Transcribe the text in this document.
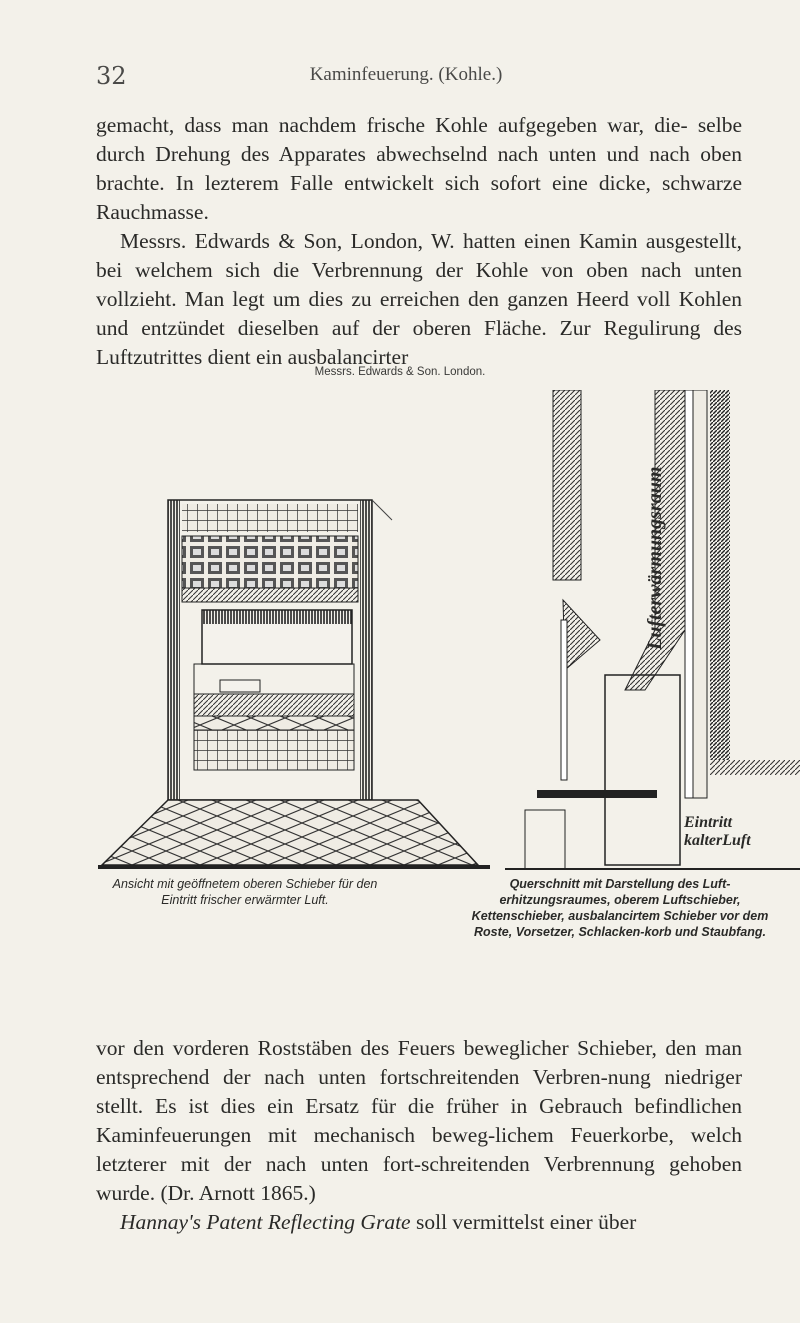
32	Kaminfeuerung. (Kohle.)
gemacht, dass man nachdem frische Kohle aufgegeben war, die- selbe durch Drehung des Apparates abwechselnd nach unten und nach oben brachte. In lezterem Falle entwickelt sich sofort eine dicke, schwarze Rauchmasse.
Messrs. Edwards & Son, London, W. hatten einen Kamin ausgestellt, bei welchem sich die Verbrennung der Kohle von oben nach unten vollzieht. Man legt um dies zu erreichen den ganzen Heerd voll Kohlen und entzündet dieselben auf der oberen Fläche. Zur Regulirung des Luftzutrittes dient ein ausbalancirter
Messrs. Edwards & Son. London.
Lufterwärmungsraum
Eintritt
kalterLuft
Ansicht mit geöffnetem oberen Schieber für den Eintritt frischer erwärmter Luft.
Querschnitt mit Darstellung des Luft-erhitzungsraumes, oberem Luftschieber, Kettenschieber, ausbalancirtem Schieber vor dem Roste, Vorsetzer, Schlacken-korb und Staubfang.
vor den vorderen Roststäben des Feuers beweglicher Schieber, den man entsprechend der nach unten fortschreitenden Verbren-nung niedriger stellt. Es ist dies ein Ersatz für die früher in Gebrauch befindlichen Kaminfeuerungen mit mechanisch beweg-lichem Feuerkorbe, welch letzterer mit der nach unten fort-schreitenden Verbrennung gehoben wurde. (Dr. Arnott 1865.)
Hannay's Patent Reflecting Grate soll vermittelst einer über
